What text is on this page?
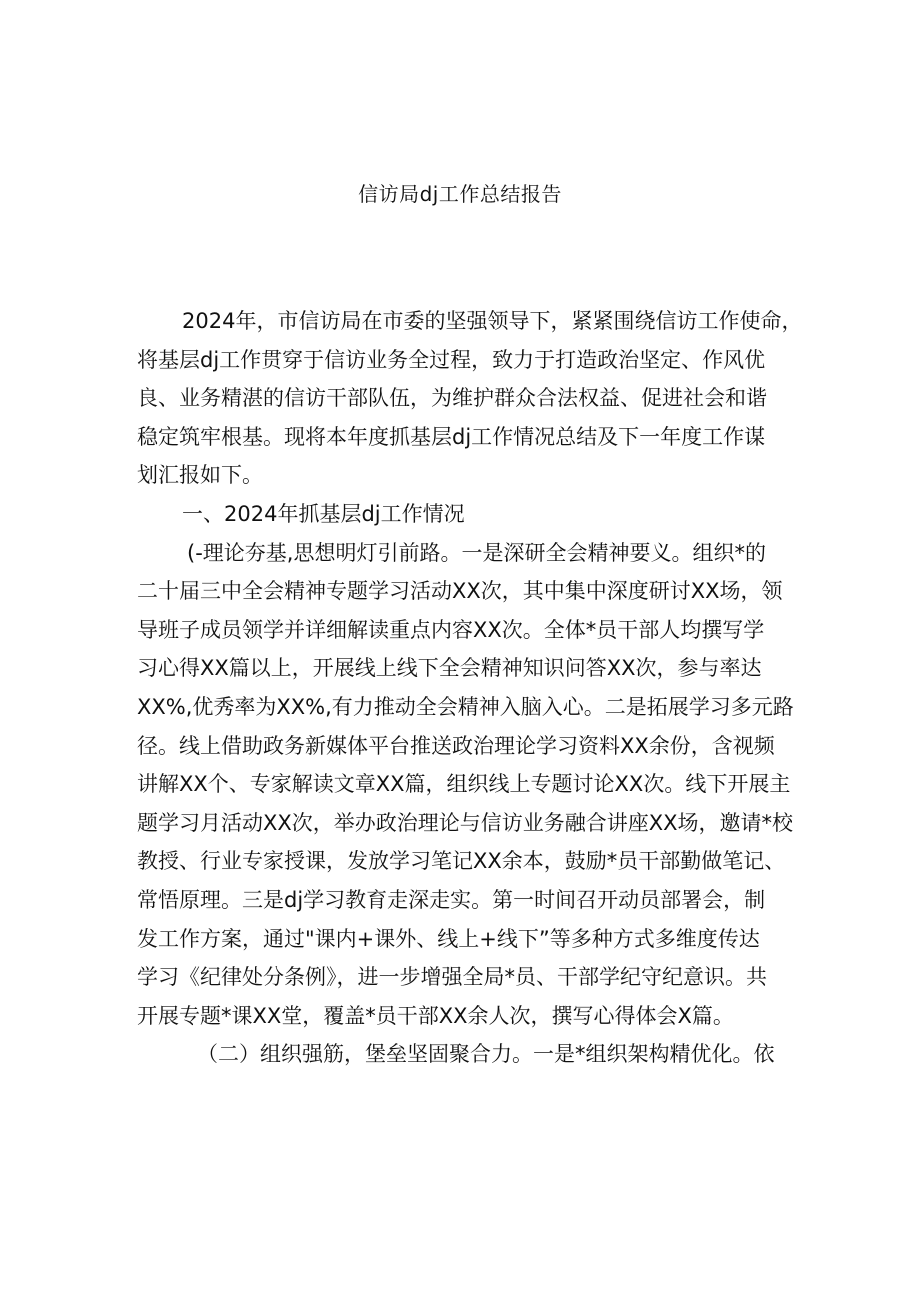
信访局dj工作总结报告
2024年，市信访局在市委的坚强领导下，紧紧围绕信访工作使命，
将基层dj工作贯穿于信访业务全过程，致力于打造政治坚定、作风优
良、业务精湛的信访干部队伍，为维护群众合法权益、促进社会和谐
稳定筑牢根基。现将本年度抓基层dj工作情况总结及下一年度工作谋
划汇报如下。
一、2024年抓基层dj工作情况
(-理论夯基,思想明灯引前路。一是深研全会精神要义。组织*的
二十届三中全会精神专题学习活动XX次，其中集中深度研讨XX场，领
导班子成员领学并详细解读重点内容XX次。全体*员干部人均撰写学
习心得XX篇以上，开展线上线下全会精神知识问答XX次，参与率达
XX%,优秀率为XX%,有力推动全会精神入脑入心。二是拓展学习多元路
径。线上借助政务新媒体平台推送政治理论学习资料XX余份，含视频
讲解XX个、专家解读文章XX篇，组织线上专题讨论XX次。线下开展主
题学习月活动XX次，举办政治理论与信访业务融合讲座XX场，邀请*校
教授、行业专家授课，发放学习笔记XX余本，鼓励*员干部勤做笔记、
常悟原理。三是dj学习教育走深走实。第一时间召开动员部署会，制
发工作方案，通过"课内+课外、线上+线下”等多种方式多维度传达
学习《纪律处分条例》，进一步增强全局*员、干部学纪守纪意识。共
开展专题*课XX堂，覆盖*员干部XX余人次，撰写心得体会X篇。
（二）组织强筋，堡垒坚固聚合力。一是*组织架构精优化。依
